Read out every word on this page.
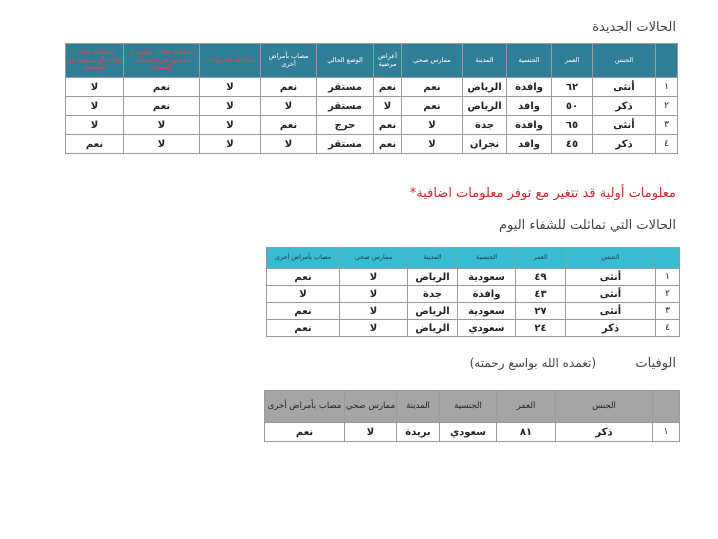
الحالات الجديدة
	الجنس	العمر	الجنسية	المدينة	ممارس صحي	أعراض مرضية	الوضع الحالي	مصاب بأمراض أخرى	مخالطة للحيوانات	مخالطة حالات مؤكدة أو مشتبهة في المنشآت الصحية	مخالطة حالات مؤكدة أو مشتبهة في المجتمع
١	أنثى	٦٢	وافدة	الرياض	نعم	نعم	مستقر	نعم	لا	نعم	لا
٢	ذكر	٥٠	وافد	الرياض	نعم	لا	مستقر	لا	لا	نعم	لا
٣	أنثى	٦٥	وافدة	جدة	لا	نعم	حرج	نعم	لا	لا	لا
٤	ذكر	٤٥	وافد	نجران	لا	نعم	مستقر	لا	لا	لا	نعم
معلومات أولية قد تتغير مع توفر معلومات اضافية*
الحالات التي تماثلت للشفاء اليوم
	الجنس	العمر	الجنسية	المدينة	ممارس صحي	مصاب بأمراض أخرى
١	أنثى	٤٩	سعودية	الرياض	لا	نعم
٢	أنثى	٤٣	وافدة	جدة	لا	لا
٣	أنثى	٢٧	سعودية	الرياض	لا	نعم
٤	ذكر	٢٤	سعودي	الرياض	لا	نعم
الوفيات
(تغمده الله بواسع رحمته)
	الجنس	العمر	الجنسية	المدينة	ممارس صحي	مصاب بأمراض أخرى
١	ذكر	٨١	سعودي	بريدة	لا	نعم
